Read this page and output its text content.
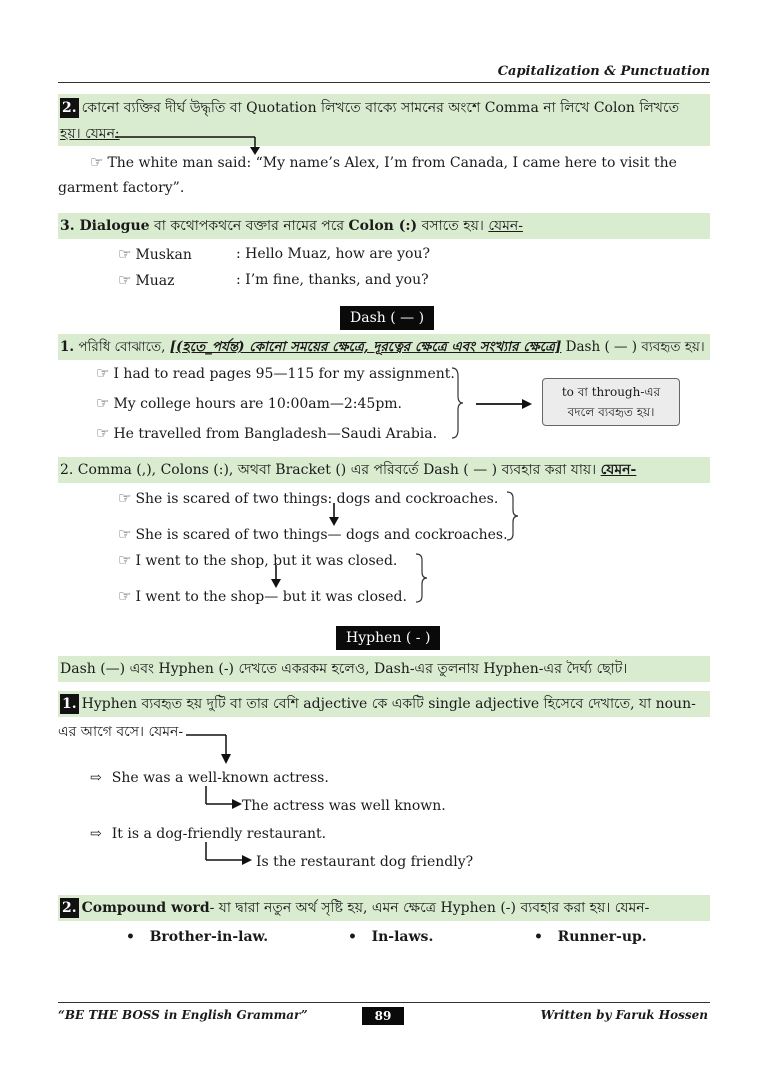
Capitalization & Punctuation
2. কোনো ব্যক্তির দীর্ঘ উদ্ধৃতি বা Quotation লিখতে বাক্যে সামনের অংশে Comma না লিখে Colon লিখতে
হয়। যেমন:
☞ The white man said: “My name’s Alex, I’m from Canada, I came here to visit the
garment factory”.
3. Dialogue বা কথোপকথনে বক্তার নামের পরে Colon (:) বসাতে হয়। যেমন-
☞ Muskan	: Hello Muaz, how are you?
☞ Muaz	: I’m fine, thanks, and you?
Dash ( — )
1. পরিধি বোঝাতে, [(হতে_পর্যন্ত) কোনো সময়ের ক্ষেত্রে, দূরত্বের ক্ষেত্রে এবং সংখ্যার ক্ষেত্রে] Dash ( — ) ব্যবহৃত হয়।
☞ I had to read pages 95—115 for my assignment.
☞ My college hours are 10:00am—2:45pm.
☞ He travelled from Bangladesh—Saudi Arabia.
to বা through-এর
বদলে ব্যবহৃত হয়।
2. Comma (,), Colons (:), অথবা Bracket () এর পরিবর্তে Dash ( — ) ব্যবহার করা যায়। যেমন-
☞ She is scared of two things: dogs and cockroaches.
☞ She is scared of two things— dogs and cockroaches.
☞ I went to the shop, but it was closed.
☞ I went to the shop— but it was closed.
Hyphen ( - )
Dash (—) এবং Hyphen (-) দেখতে একরকম হলেও, Dash-এর তুলনায় Hyphen-এর দৈর্ঘ্য ছোট।
1. Hyphen ব্যবহৃত হয় দুটি বা তার বেশি adjective কে একটি single adjective হিসেবে দেখাতে, যা noun-
এর আগে বসে। যেমন-
⇨ She was a well-known actress.
The actress was well known.
⇨ It is a dog-friendly restaurant.
Is the restaurant dog friendly?
2. Compound word- যা দ্বারা নতুন অর্থ সৃষ্টি হয়, এমন ক্ষেত্রে Hyphen (-) ব্যবহার করা হয়। যেমন-
•   Brother-in-law.	•   In-laws.	•   Runner-up.
“BE THE BOSS in English Grammar”	89	Written by Faruk Hossen
